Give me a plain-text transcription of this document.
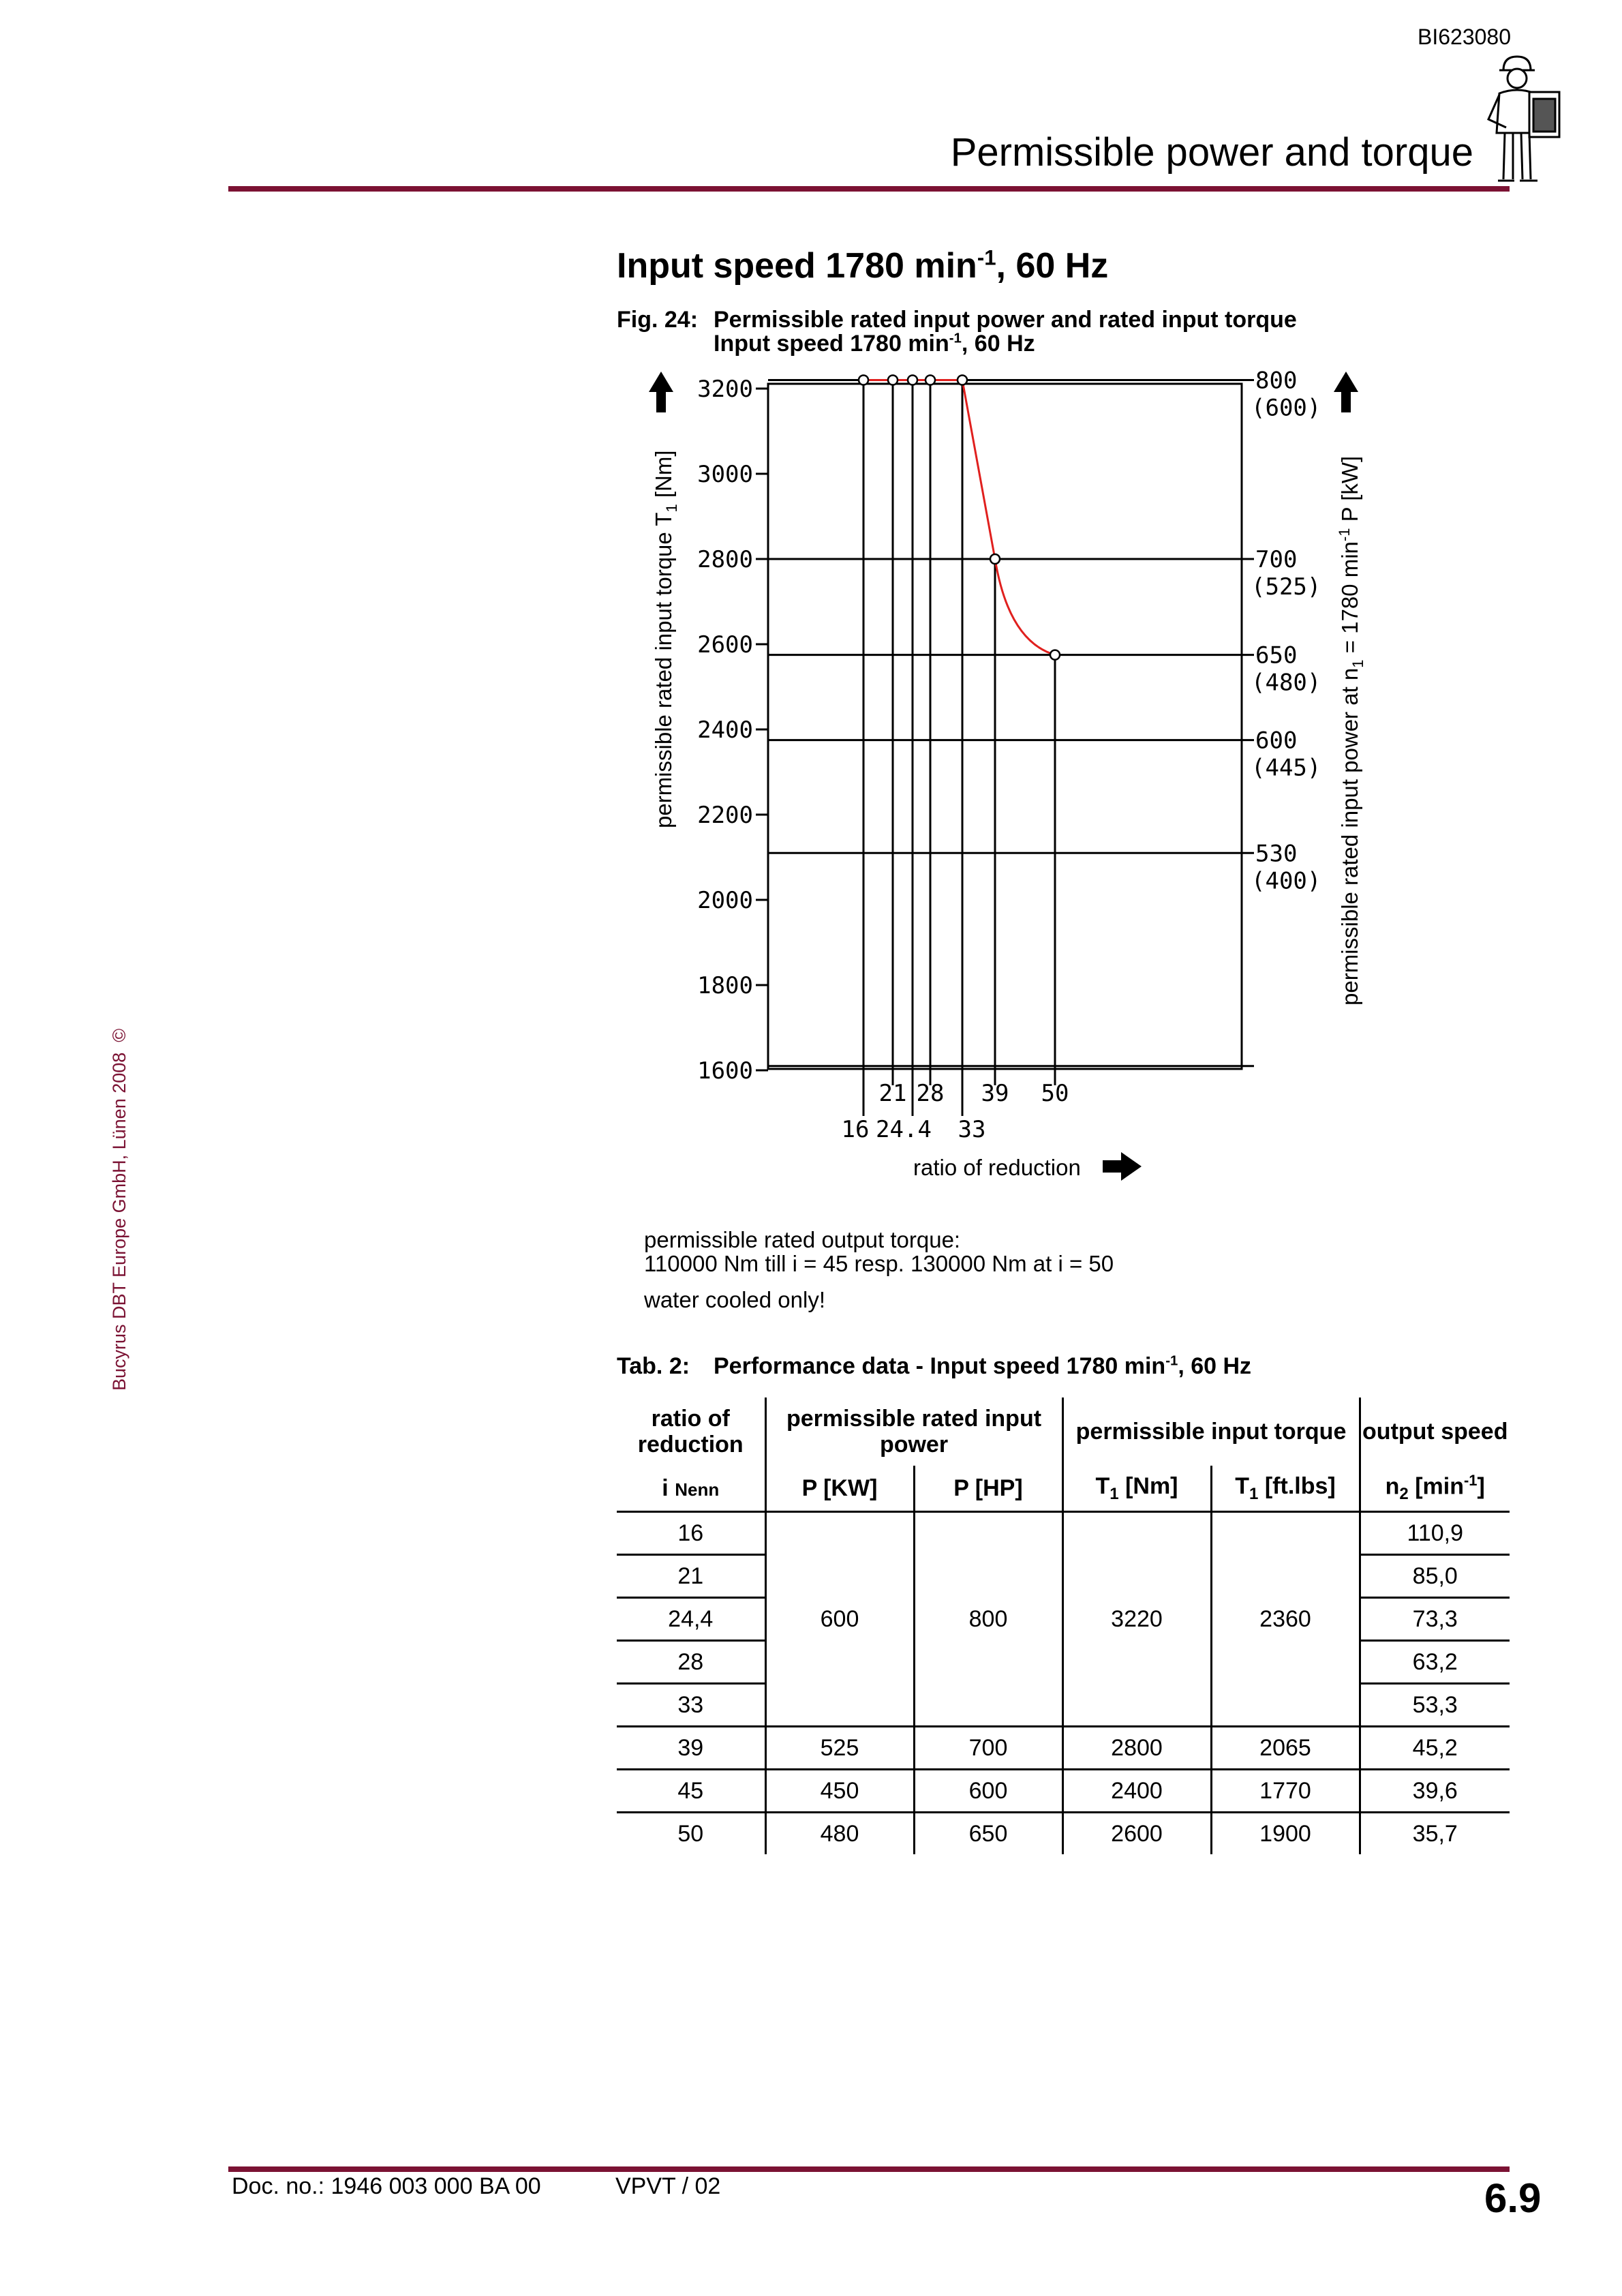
BI623080
Permissible power and torque
Bucyrus DBT Europe GmbH, Lünen 2008  ©
Input speed 1780 $\min^{-1}$, 60 Hz
Fig. 24: Permissible rated input power and rated input torque
Input speed 1780 $\min^{-1}$, 60 Hz
3200
3000
2800
2600
2400
2200
2000
1800
1600
800
(600)
700
(525)
650
(480)
600
(445)
530
(400)
21 28 39 50
16 24.4 33
permissible rated input torque $T_1$ [Nm]
permissible rated input power at $n_1 = 1780$ $\min^{-1} P$ [kW]
ratio of reduction
permissible rated output torque:
110000 Nm till i = 45 resp. 130000 Nm at i = 50
water cooled only!
Tab. 2: Performance data - Input speed 1780 $\min^{-1}$, 60 Hz
ratio of reduction	permissible rated input power		permissible input torque		output speed
i Nenn	P [KW]	P [HP]	$T_1$ [Nm]	$T_1$ [ft.lbs]	$n_2$ $[\min^{-1}]$
16	600	800	3220	2360	110,9
21					85,0
24,4					73,3
28					63,2
33					53,3
39	525	700	2800	2065	45,2
45	450	600	2400	1770	39,6
50	480	650	2600	1900	35,7
Doc. no.: 1946 003 000 BA 00	VPVT / 02	6.9
